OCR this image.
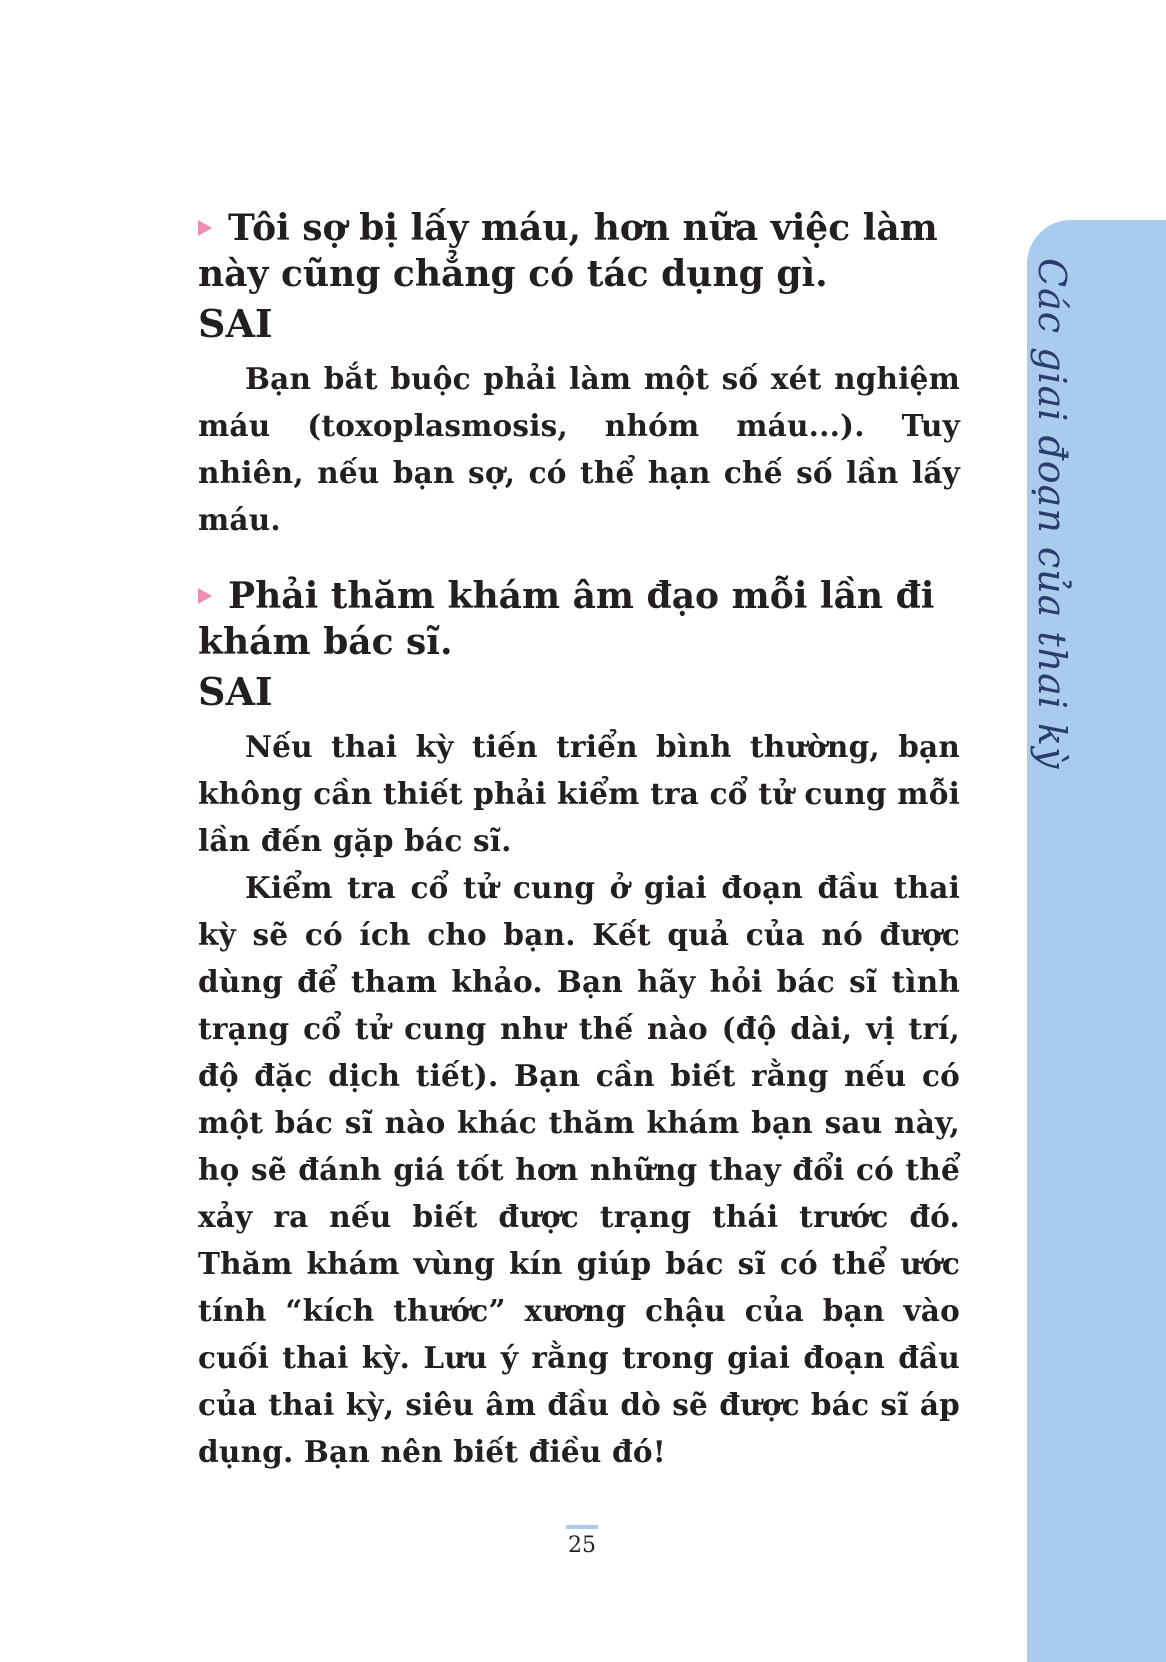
Tôi sợ bị lấy máu, hơn nữa việc làm này cũng chẳng có tác dụng gì.
SAI

Bạn bắt buộc phải làm một số xét nghiệm máu (toxoplasmosis, nhóm máu...). Tuy nhiên, nếu bạn sợ, có thể hạn chế số lần lấy máu.

Phải thăm khám âm đạo mỗi lần đi khám bác sĩ.
SAI

Nếu thai kỳ tiến triển bình thường, bạn không cần thiết phải kiểm tra cổ tử cung mỗi lần đến gặp bác sĩ.

Kiểm tra cổ tử cung ở giai đoạn đầu thai kỳ sẽ có ích cho bạn. Kết quả của nó được dùng để tham khảo. Bạn hãy hỏi bác sĩ tình trạng cổ tử cung như thế nào (độ dài, vị trí, độ đặc dịch tiết). Bạn cần biết rằng nếu có một bác sĩ nào khác thăm khám bạn sau này, họ sẽ đánh giá tốt hơn những thay đổi có thể xảy ra nếu biết được trạng thái trước đó. Thăm khám vùng kín giúp bác sĩ có thể ước tính “kích thước” xương chậu của bạn vào cuối thai kỳ. Lưu ý rằng trong giai đoạn đầu của thai kỳ, siêu âm đầu dò sẽ được bác sĩ áp dụng. Bạn nên biết điều đó!

Các giai đoạn của thai kỳ
25
